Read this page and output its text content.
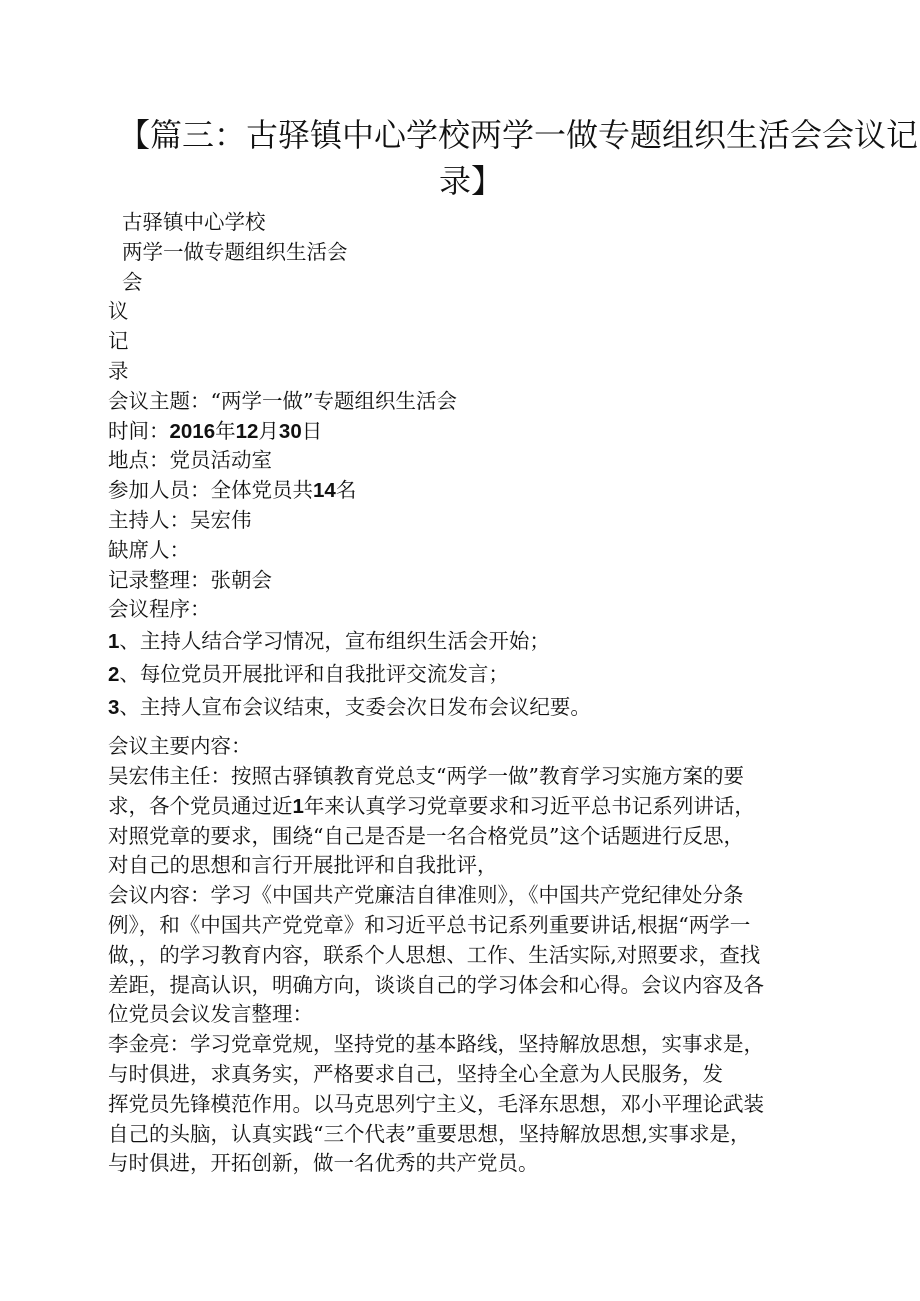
【篇三：古驿镇中心学校两学一做专题组织生活会会议记
录】
古驿镇中心学校
两学一做专题组织生活会
会
议
记
录
会议主题：“两学一做”专题组织生活会
时间：2016年12月30日
地点：党员活动室
参加人员：全体党员共14名
主持人：吴宏伟
缺席人：
记录整理：张朝会
会议程序：
1、主持人结合学习情况，宣布组织生活会开始；
2、每位党员开展批评和自我批评交流发言；
3、主持人宣布会议结束，支委会次日发布会议纪要。
会议主要内容：
吴宏伟主任：按照古驿镇教育党总支“两学一做”教育学习实施方案的要
求，各个党员通过近1年来认真学习党章要求和习近平总书记系列讲话，
对照党章的要求，围绕“自己是否是一名合格党员”这个话题进行反思，
对自己的思想和言行开展批评和自我批评，
会议内容：学习《中国共产党廉洁自律准则》，《中国共产党纪律处分条
例》，和《中国共产党党章》和习近平总书记系列重要讲话,根据“两学一
做，，的学习教育内容，联系个人思想、工作、生活实际,对照要求，查找
差距，提高认识，明确方向，谈谈自己的学习体会和心得。会议内容及各
位党员会议发言整理：
李金亮：学习党章党规，坚持党的基本路线，坚持解放思想，实事求是，
与时俱进，求真务实，严格要求自己，坚持全心全意为人民服务，发
挥党员先锋模范作用。以马克思列宁主义，毛泽东思想，邓小平理论武装
自己的头脑，认真实践“三个代表”重要思想，坚持解放思想,实事求是，
与时俱进，开拓创新，做一名优秀的共产党员。
